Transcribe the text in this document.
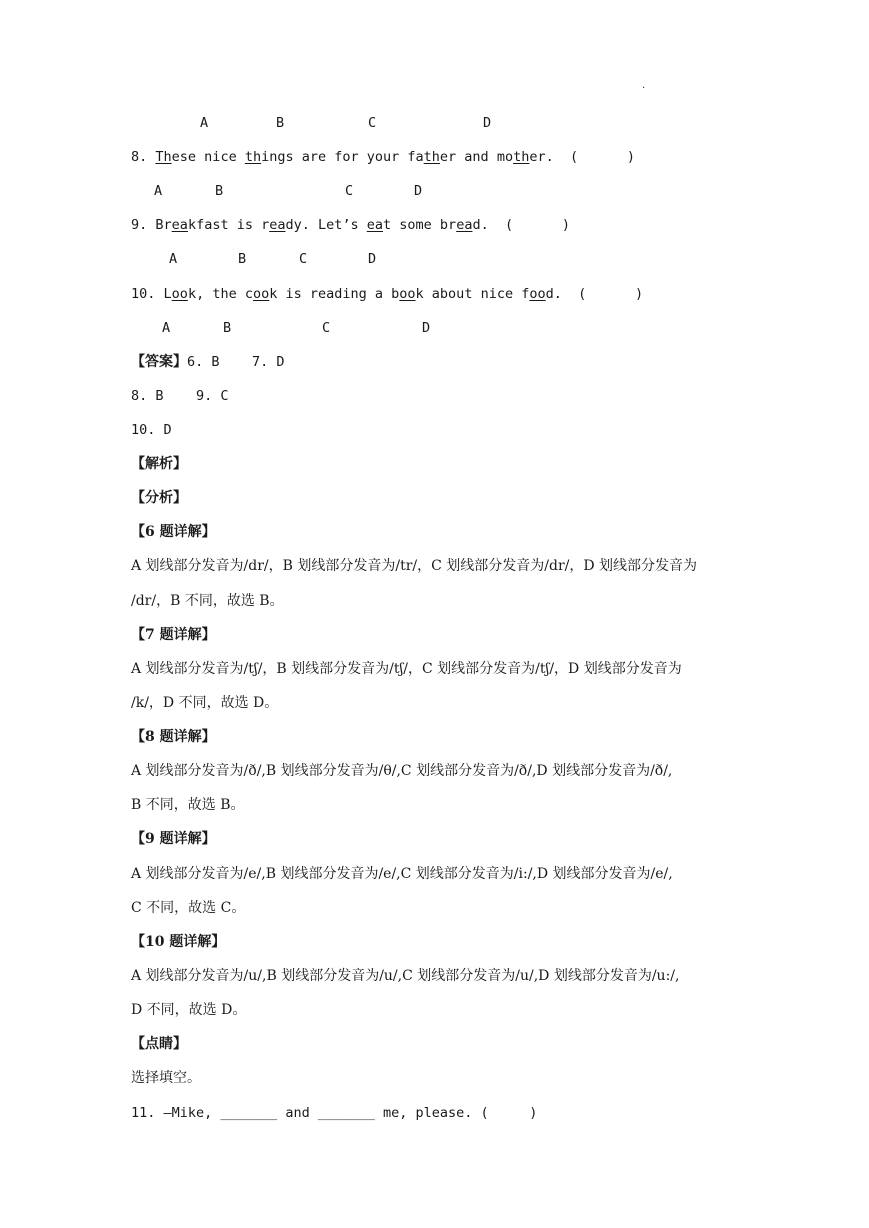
.
A	B	C	D
8. These nice things are for your father and mother.  (      )
A	B	C	D
9. Breakfast is ready. Let’s eat some bread.  (      )
A	B	C	D
10. Look, the cook is reading a book about nice food.  (      )
A	B	C	D
【答案】6. B    7. D
8. B    9. C
10. D
【解析】
【分析】
【6 题详解】
A 划线部分发音为/dr/，B 划线部分发音为/tr/，C 划线部分发音为/dr/，D 划线部分发音为
/dr/，B 不同，故选 B。
【7 题详解】
A 划线部分发音为/tʃ/，B 划线部分发音为/tʃ/，C 划线部分发音为/tʃ/，D 划线部分发音为
/k/，D 不同，故选 D。
【8 题详解】
A 划线部分发音为/ð/,B 划线部分发音为/θ/,C 划线部分发音为/ð/,D 划线部分发音为/ð/,
B 不同，故选 B。
【9 题详解】
A 划线部分发音为/e/,B 划线部分发音为/e/,C 划线部分发音为/i:/,D 划线部分发音为/e/,
C 不同，故选 C。
【10 题详解】
A 划线部分发音为/u/,B 划线部分发音为/u/,C 划线部分发音为/u/,D 划线部分发音为/u:/,
D 不同，故选 D。
【点睛】
选择填空。
11. —Mike, _______ and _______ me, please. (     )
